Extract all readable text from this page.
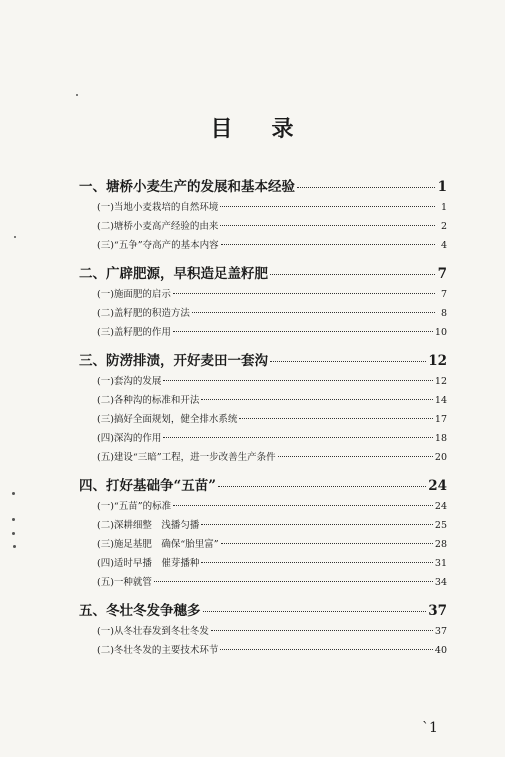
目 录
一、塘桥小麦生产的发展和基本经验	1
(一)当地小麦栽培的自然环境	1
(二)塘桥小麦高产经验的由来	2
(三)“五争”夺高产的基本内容	4
二、广辟肥源，早积造足盖籽肥	7
(一)施面肥的启示	7
(二)盖籽肥的积造方法	8
(三)盖籽肥的作用	10
三、防涝排渍，开好麦田一套沟	12
(一)套沟的发展	12
(二)各种沟的标准和开法	14
(三)搞好全面规划，健全排水系统	17
(四)深沟的作用	18
(五)建设“三暗”工程，进一步改善生产条件	20
四、打好基础争“五苗”	24
(一)“五苗”的标准	24
(二)深耕细整　浅播匀播	25
(三)施足基肥　确保“胎里富”	28
(四)适时早播　催芽播种	31
(五)一种就管	34
五、冬壮冬发争穗多	37
(一)从冬壮春发到冬壮冬发	37
(二)冬壮冬发的主要技术环节	40
`1
